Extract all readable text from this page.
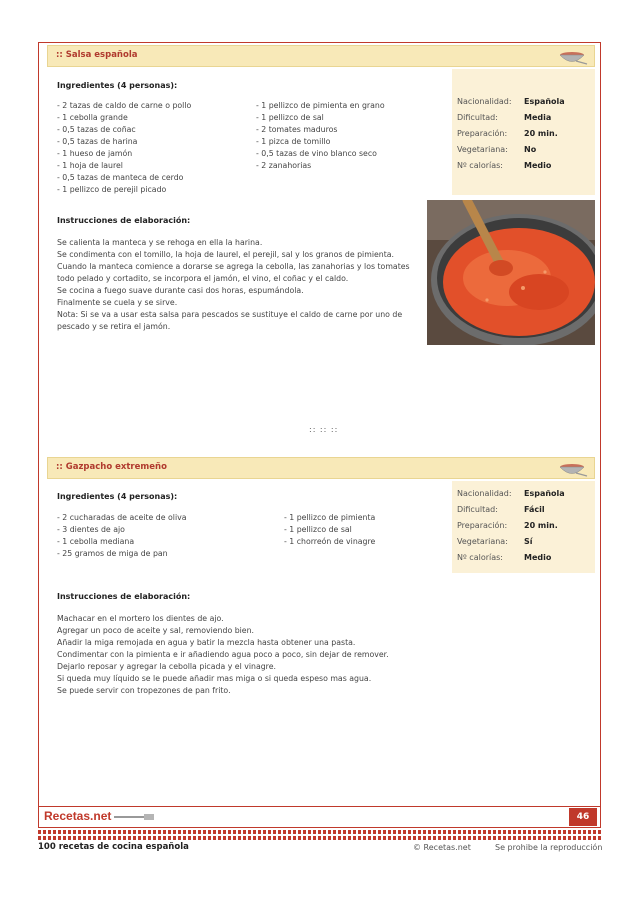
:: Salsa española
Ingredientes (4 personas):
- 2 tazas de caldo de carne o pollo
- 1 cebolla grande
- 0,5 tazas de coñac
- 0,5 tazas de harina
- 1 hueso de jamón
- 1 hoja de laurel
- 0,5 tazas de manteca de cerdo
- 1 pellizco de perejil picado
- 1 pellizco de pimienta en grano
- 1 pellizco de sal
- 2 tomates maduros
- 1 pizca de tomillo
- 0,5 tazas de vino blanco seco
- 2 zanahorias
Nacionalidad: Española
Dificultad:	Media
Preparación: 20 min.
Vegetariana: No
Nº calorías:	Medio
Instrucciones de elaboración:
Se calienta la manteca y se rehoga en ella la harina.
Se condimenta con el tomillo, la hoja de laurel, el perejil, sal y los granos de pimienta.
Cuando la manteca comience a dorarse se agrega la cebolla, las zanahorias y los tomates
todo pelado y cortadito, se incorpora el jamón, el vino, el coñac y el caldo.
Se cocina a fuego suave durante casi dos horas, espumándola.
Finalmente se cuela y se sirve.
Nota: Si se va a usar esta salsa para pescados se sustituye el caldo de carne por uno de
pescado y se retira el jamón.
:: :: ::
:: Gazpacho extremeño
Ingredientes (4 personas):
- 2 cucharadas de aceite de oliva
- 3 dientes de ajo
- 1 cebolla mediana
- 25 gramos de miga de pan
- 1 pellizco de pimienta
- 1 pellizco de sal
- 1 chorreón de vinagre
Nacionalidad: Española
Dificultad:	Fácil
Preparación: 20 min.
Vegetariana: Sí
Nº calorías:	Medio
Instrucciones de elaboración:
Machacar en el mortero los dientes de ajo.
Agregar un poco de aceite y sal, removiendo bien.
Añadir la miga remojada en agua y batir la mezcla hasta obtener una pasta.
Condimentar con la pimienta e ir añadiendo agua poco a poco, sin dejar de remover.
Dejarlo reposar y agregar la cebolla picada y el vinagre.
Si queda muy líquido se le puede añadir mas miga o si queda espeso mas agua.
Se puede servir con tropezones de pan frito.
Recetas.net	46
100 recetas de cocina española	© Recetas.net	Se prohibe la reproducción
